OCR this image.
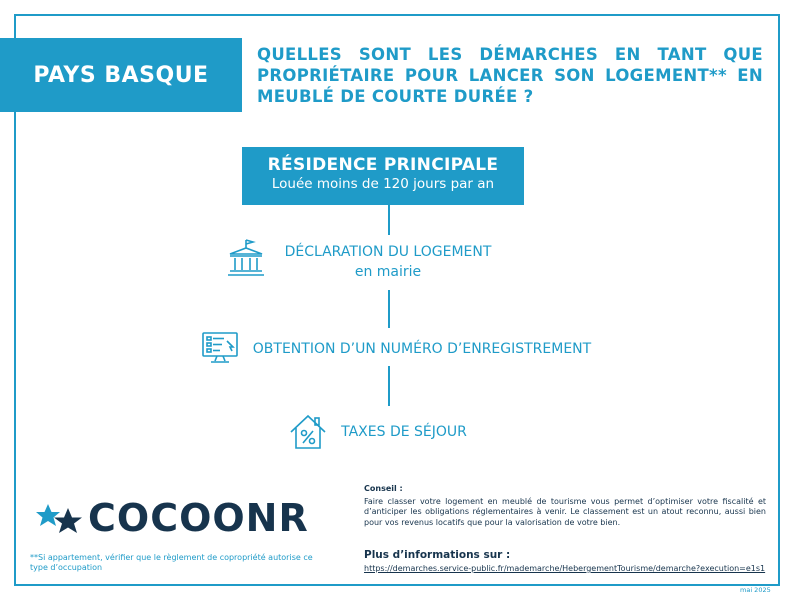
PAYS BASQUE
QUELLES SONT LES DÉMARCHES EN TANT QUE PROPRIÉTAIRE POUR LANCER SON LOGEMENT** EN MEUBLÉ DE COURTE DURÉE ?
RÉSIDENCE PRINCIPALE
Louée moins de 120 jours par an
DÉCLARATION DU LOGEMENT
en mairie
OBTENTION D’UN NUMÉRO D’ENREGISTREMENT
TAXES DE SÉJOUR
COCOONR
**Si appartement, vérifier que le règlement de copropriété autorise ce type d’occupation
Conseil :
Faire classer votre logement en meublé de tourisme vous permet d’optimiser votre fiscalité et d’anticiper les obligations réglementaires à venir. Le classement est un atout reconnu, aussi bien pour vos revenus locatifs que pour la valorisation de votre bien.
Plus d’informations sur :
https://demarches.service-public.fr/mademarche/HebergementTourisme/demarche?execution=e1s1
mai 2025
